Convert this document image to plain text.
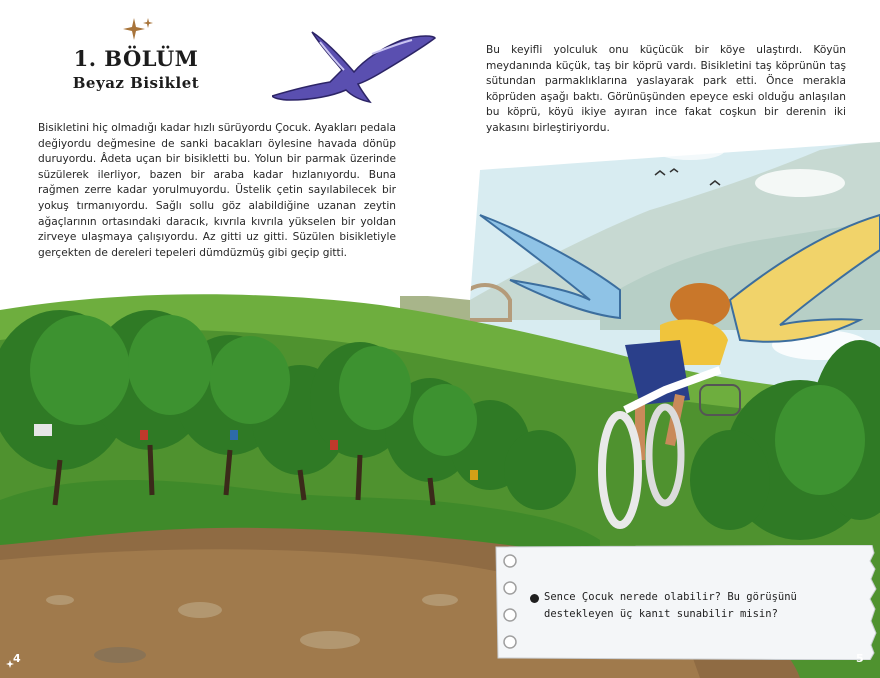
1. BÖLÜM
Beyaz Bisiklet
Bisikletini hiç olmadığı kadar hızlı sürüyordu Çocuk. Ayakları pedala değiyordu değmesine de sanki bacakları öylesine havada dönüp duruyordu. Âdeta uçan bir bisikletti bu. Yolun bir parmak üzerinde süzülerek ilerliyor, bazen bir araba kadar hızlanıyordu. Buna rağmen zerre kadar yorulmuyordu. Üstelik çetin sayılabilecek bir yokuş tırmanıyordu. Sağlı sollu göz alabildiğine uzanan zeytin ağaçlarının ortasındaki daracık, kıvrıla kıvrıla yükselen bir yoldan zirveye ulaşmaya çalışıyordu. Az gitti uz gitti. Süzülen bisikletiyle gerçekten de dereleri tepeleri dümdüzmüş gibi geçip gitti.
Bu keyifli yolculuk onu küçücük bir köye ulaştırdı. Köyün meydanında küçük, taş bir köprü vardı. Bisikletini taş köprünün taş sütundan parmaklıklarına yaslayarak park etti. Önce merakla köprüden aşağı baktı. Görünüşünden epeyce eski olduğu anlaşılan bu köprü, köyü ikiye ayıran ince fakat coşkun bir derenin iki yakasını birleştiriyordu.
Sence Çocuk nerede olabilir? Bu görüşünü destekleyen üç kanıt sunabilir misin?
4	5
